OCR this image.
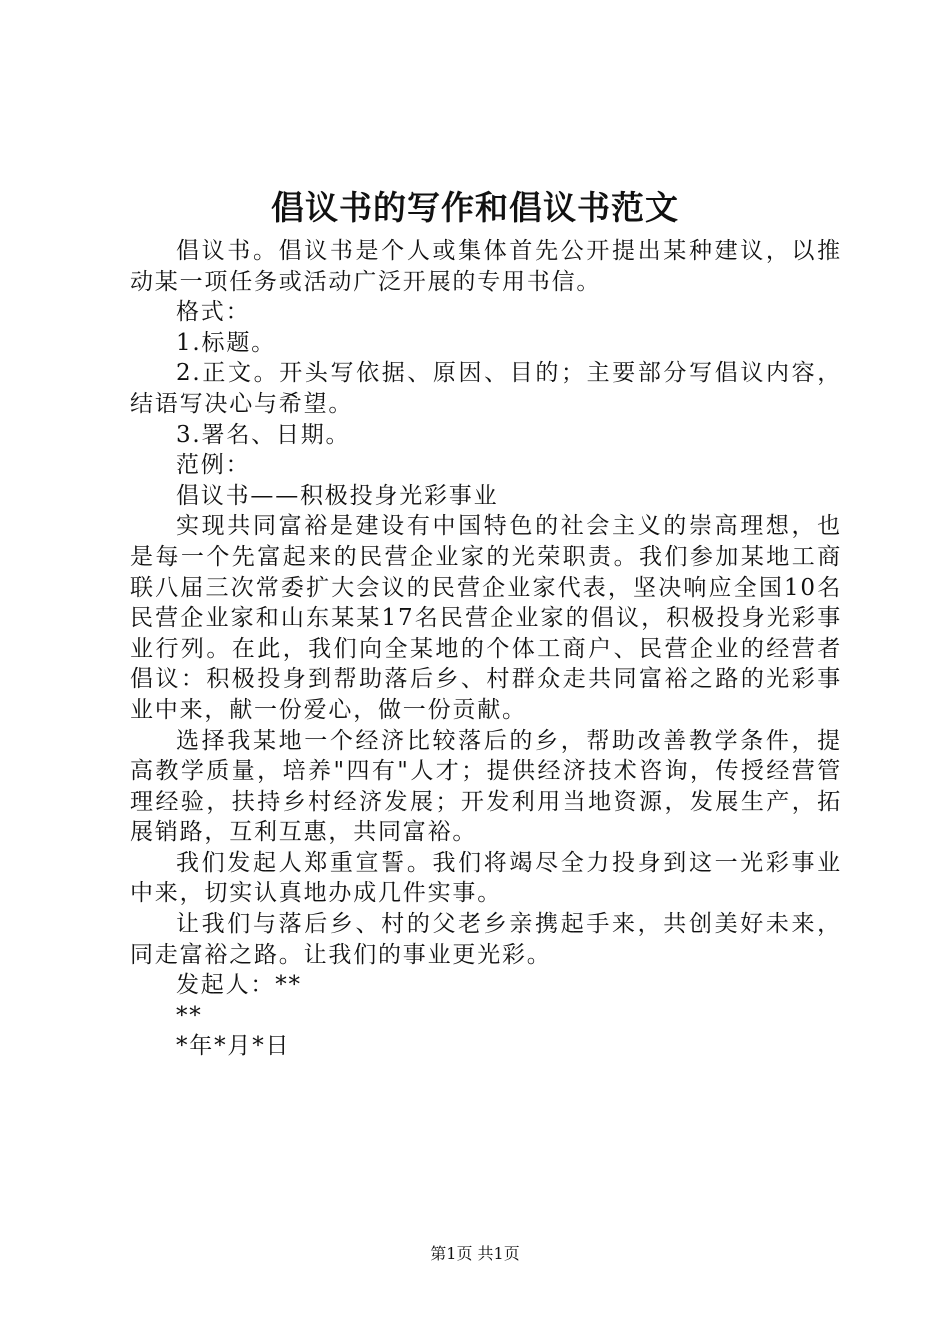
倡议书的写作和倡议书范文

倡议书。倡议书是个人或集体首先公开提出某种建议，以推动某一项任务或活动广泛开展的专用书信。

格式：

1.标题。

2.正文。开头写依据、原因、目的；主要部分写倡议内容，结语写决心与希望。

3.署名、日期。

范例：

倡议书——积极投身光彩事业

实现共同富裕是建设有中国特色的社会主义的崇高理想，也是每一个先富起来的民营企业家的光荣职责。我们参加某地工商联八届三次常委扩大会议的民营企业家代表，坚决响应全国10名民营企业家和山东某某17名民营企业家的倡议，积极投身光彩事业行列。在此，我们向全某地的个体工商户、民营企业的经营者倡议：积极投身到帮助落后乡、村群众走共同富裕之路的光彩事业中来，献一份爱心，做一份贡献。

选择我某地一个经济比较落后的乡，帮助改善教学条件，提高教学质量，培养"四有"人才；提供经济技术咨询，传授经营管理经验，扶持乡村经济发展；开发利用当地资源，发展生产，拓展销路，互利互惠，共同富裕。

我们发起人郑重宣誓。我们将竭尽全力投身到这一光彩事业中来，切实认真地办成几件实事。

让我们与落后乡、村的父老乡亲携起手来，共创美好未来，同走富裕之路。让我们的事业更光彩。

发起人：**

**

*年*月*日

第1页 共1页
